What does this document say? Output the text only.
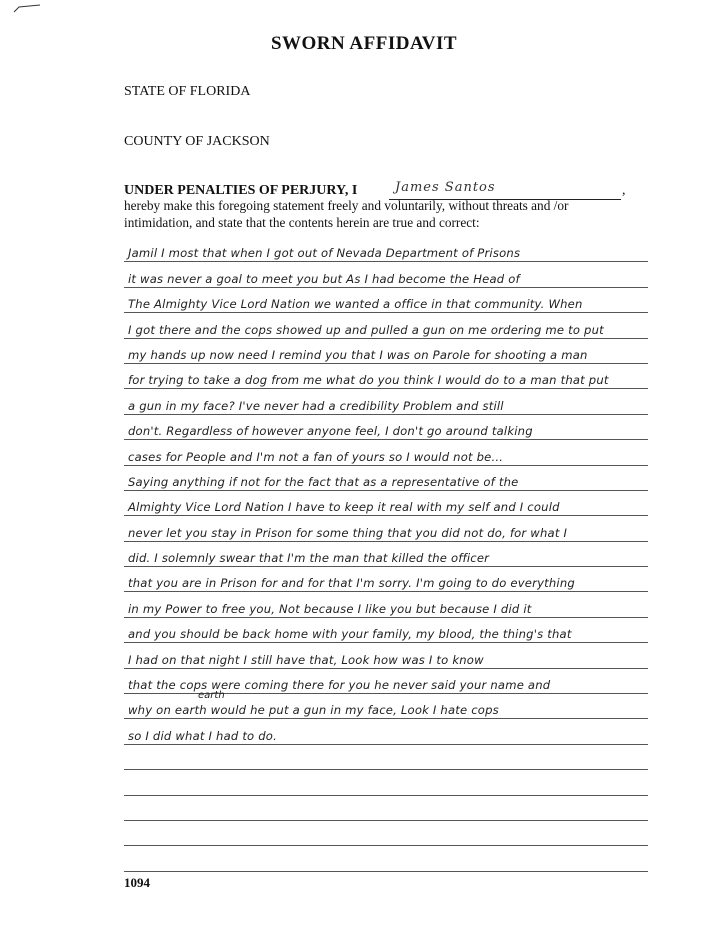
SWORN AFFIDAVIT
STATE OF FLORIDA
COUNTY OF JACKSON
UNDER PENALTIES OF PERJURY, I	James Santos	,
hereby make this foregoing statement freely and voluntarily, without threats and /or intimidation, and state that the contents herein are true and correct:
Jamil I most that when I got out of Nevada Department of Prisons
it was never a goal to meet you but As I had become the Head of
The Almighty Vice Lord Nation we wanted a office in that community. When
I got there and the cops showed up and pulled a gun on me ordering me to put
my hands up now need I remind you that I was on Parole for shooting a man
for trying to take a dog from me what do you think I would do to a man that put
a gun in my face? I've never had a credibility Problem and still
don't. Regardless of however anyone feel, I don't go around talking
cases for People and I'm not a fan of yours so I would not be...
Saying anything if not for the fact that as a representative of the
Almighty Vice Lord Nation I have to keep it real with my self and I could
never let you stay in Prison for some thing that you did not do, for what I
did. I solemnly swear that I'm the man that killed the officer
that you are in Prison for and for that I'm sorry. I'm going to do everything
in my Power to free you, Not because I like you but because I did it
and you should be back home with your family, my blood, the thing's that
I had on that night I still have that, Look how was I to know
that the cops were coming there for you he never said your name and
why on earth would he put a gun in my face, Look I hate cops
so I did what I had to do.
earth
1094
